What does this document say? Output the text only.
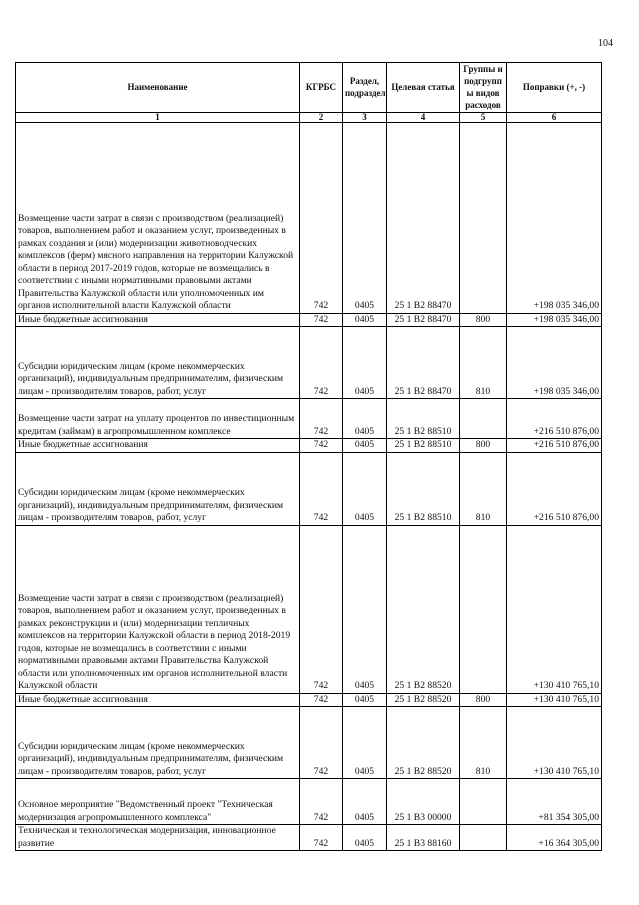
104
Наименование	КГРБС	Раздел, подраздел	Целевая статья	Группы и подгрупп ы видов расходов	Поправки (+, -)
1	2	3	4	5	6
Возмещение части затрат в связи с производством (реализацией) товаров, выполнением работ и оказанием услуг, произведенных в рамках создания и (или) модернизации животноводческих комплексов (ферм) мясного направления на территории Калужской области в период 2017-2019 годов, которые не возмещались в соответствии с иными нормативными правовыми актами Правительства Калужской области или уполномоченных им органов исполнительной власти Калужской области	742	0405	25 1 В2 88470		+198 035 346,00
Иные бюджетные ассигнования	742	0405	25 1 В2 88470	800	+198 035 346,00
Субсидии юридическим лицам (кроме некоммерческих организаций), индивидуальным предпринимателям, физическим лицам - производителям товаров, работ, услуг	742	0405	25 1 В2 88470	810	+198 035 346,00
Возмещение части затрат на уплату процентов по инвестиционным кредитам (займам) в агропромышленном комплексе	742	0405	25 1 В2 88510		+216 510 876,00
Иные бюджетные ассигнования	742	0405	25 1 В2 88510	800	+216 510 876,00
Субсидии юридическим лицам (кроме некоммерческих организаций), индивидуальным предпринимателям, физическим лицам - производителям товаров, работ, услуг	742	0405	25 1 В2 88510	810	+216 510 876,00
Возмещение части затрат в связи с производством (реализацией) товаров, выполнением работ и оказанием услуг, произведенных в рамках реконструкции и (или) модернизации тепличных комплексов на территории Калужской области в период 2018-2019 годов, которые не возмещались в соответствии с иными нормативными правовыми актами Правительства Калужской области или уполномоченных им органов исполнительной власти Калужской области	742	0405	25 1 В2 88520		+130 410 765,10
Иные бюджетные ассигнования	742	0405	25 1 В2 88520	800	+130 410 765,10
Субсидии юридическим лицам (кроме некоммерческих организаций), индивидуальным предпринимателям, физическим лицам - производителям товаров, работ, услуг	742	0405	25 1 В2 88520	810	+130 410 765,10
Основное мероприятие "Ведомственный проект "Техническая модернизация агропромышленного комплекса"	742	0405	25 1 В3 00000		+81 354 305,00
Техническая и технологическая модернизация, инновационное развитие	742	0405	25 1 В3 88160		+16 364 305,00
